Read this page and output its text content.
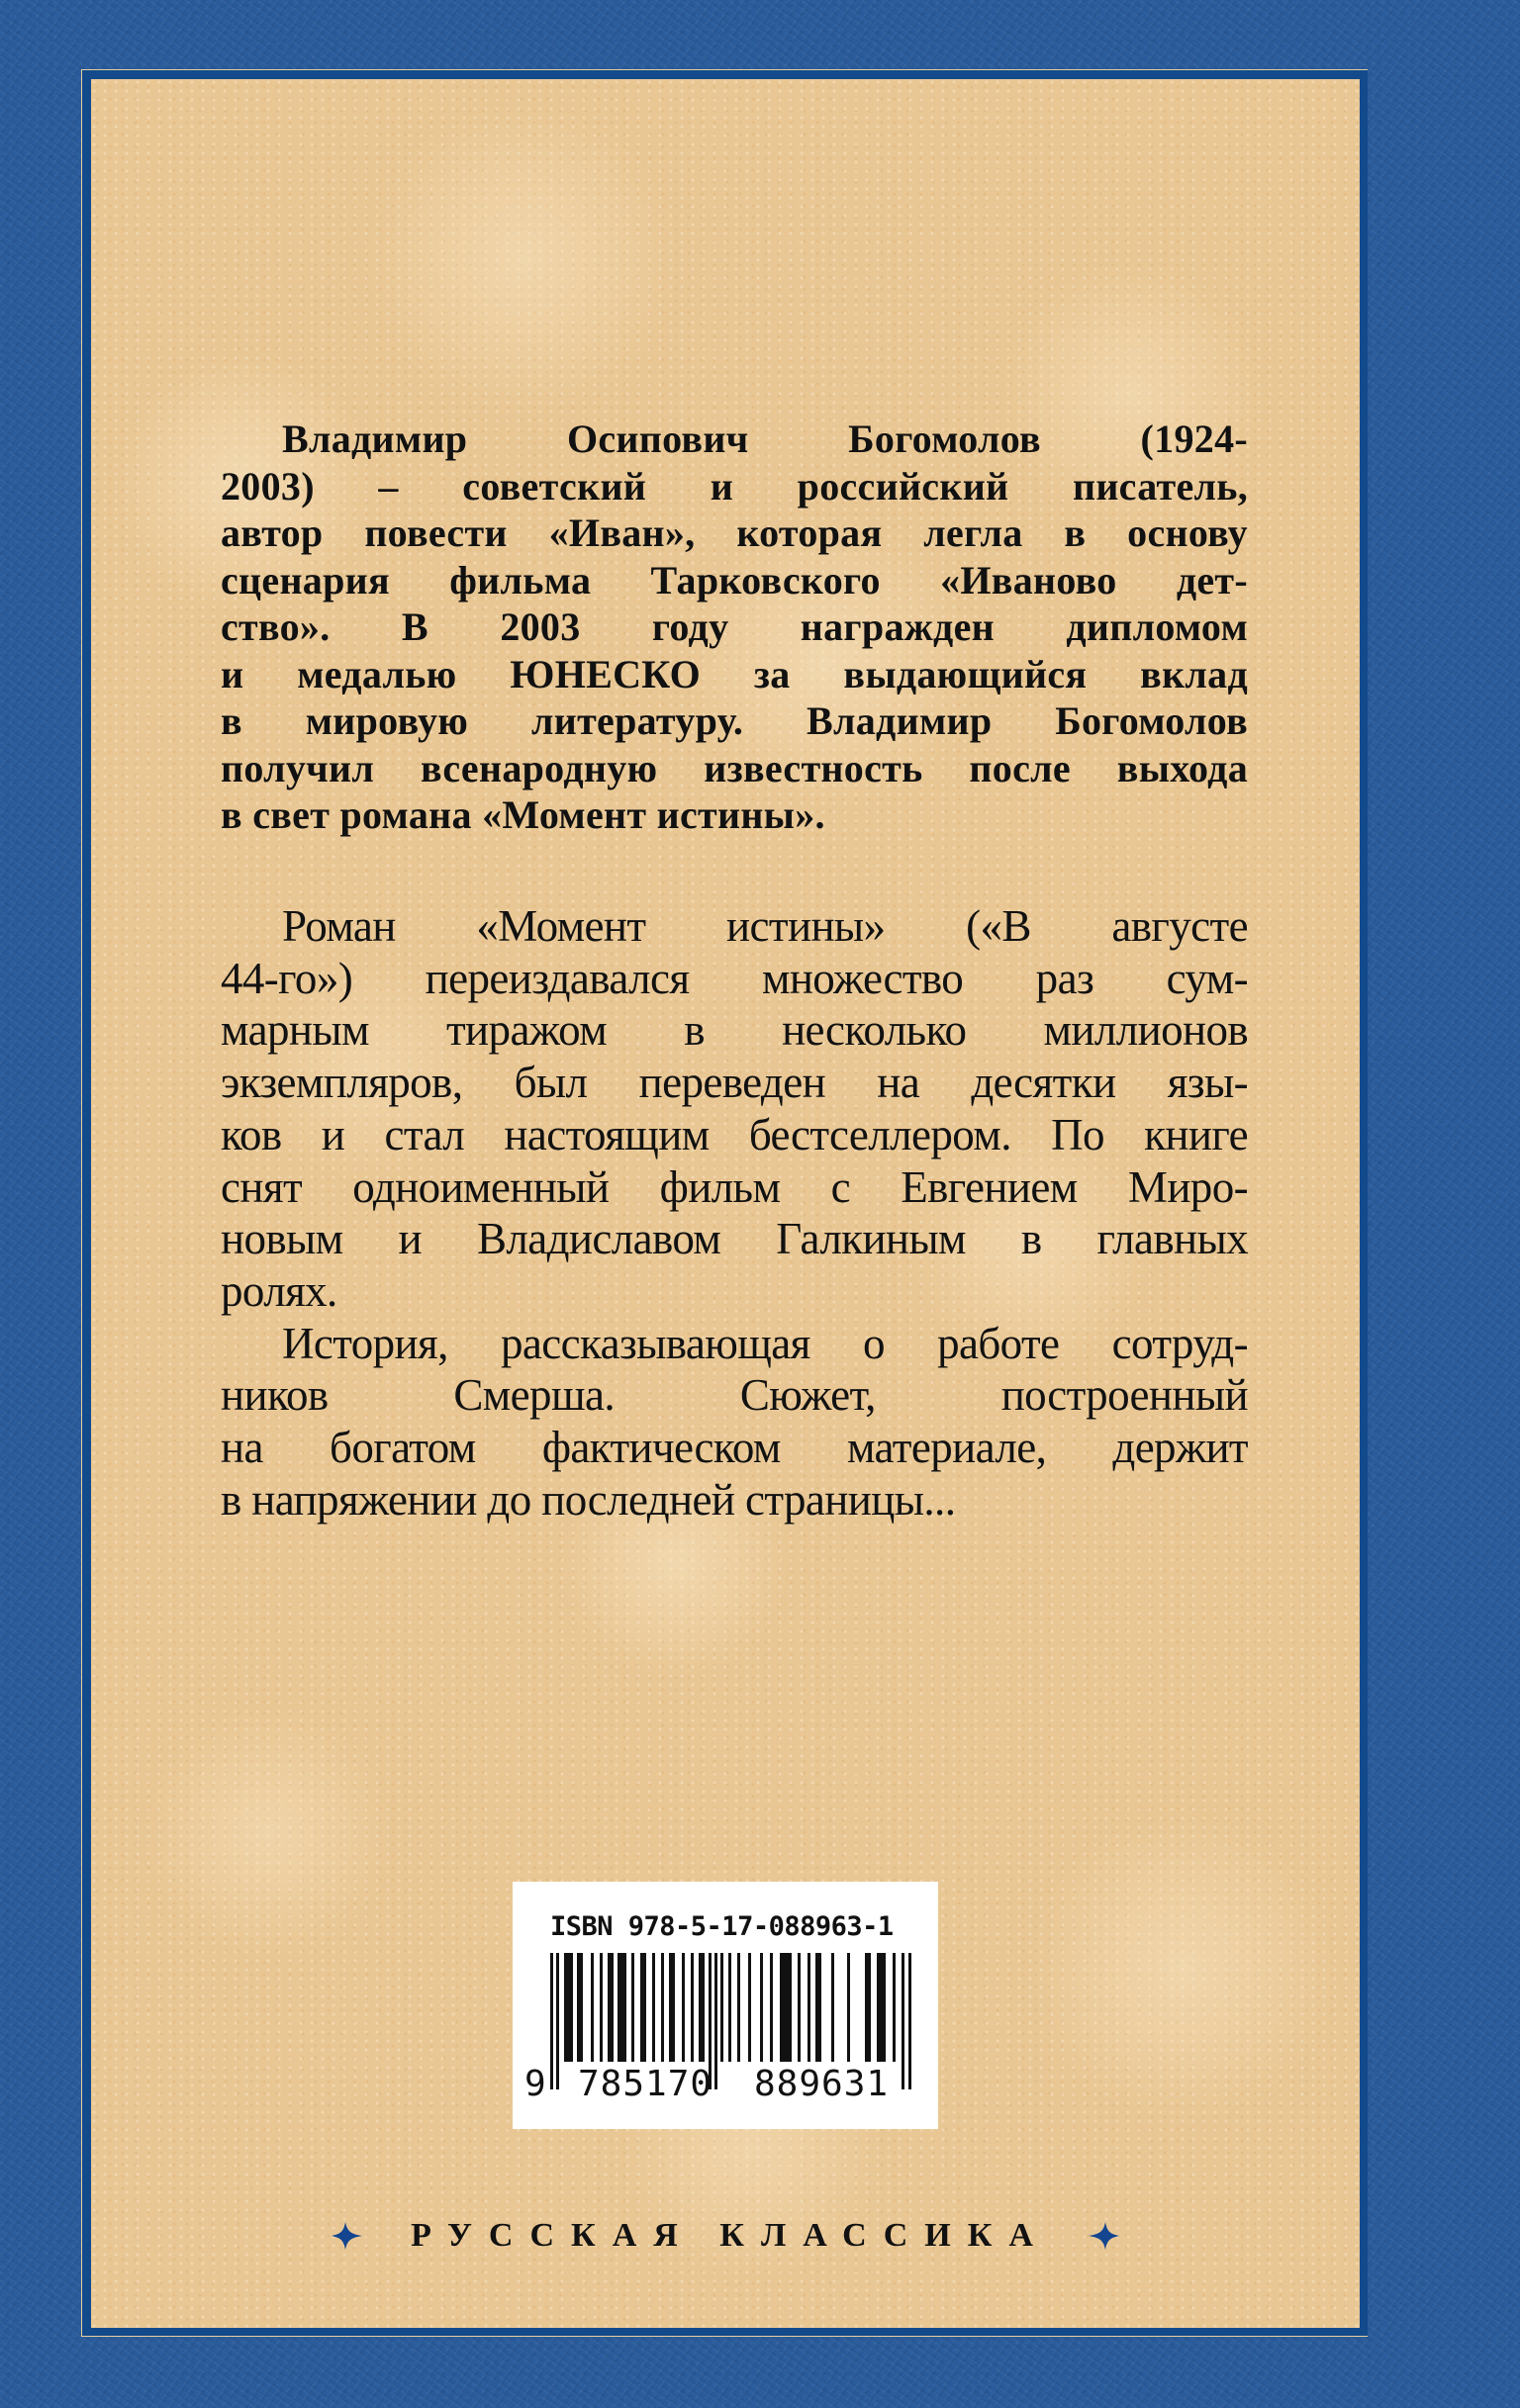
Владимир Осипович Богомолов (1924-
2003) – советский и российский писатель,
автор повести «Иван», которая легла в основу
сценария фильма Тарковского «Иваново дет-
ство». В 2003 году награжден дипломом
и медалью ЮНЕСКО за выдающийся вклад
в мировую литературу. Владимир Богомолов
получил всенародную известность после выхода
в свет романа «Момент истины».
Роман «Момент истины» («В августе
44-го») переиздавался множество раз сум-
марным тиражом в несколько миллионов
экземпляров, был переведен на десятки язы-
ков и стал настоящим бестселлером. По книге
снят одноименный фильм с Евгением Миро-
новым и Владиславом Галкиным в главных
ролях.
История, рассказывающая о работе сотруд-
ников Смерша. Сюжет, построенный
на богатом фактическом материале, держит
в напряжении до последней страницы...
ISBN 978-5-17-088963-1
9 785170 889631
РУССКАЯ КЛАССИКА
